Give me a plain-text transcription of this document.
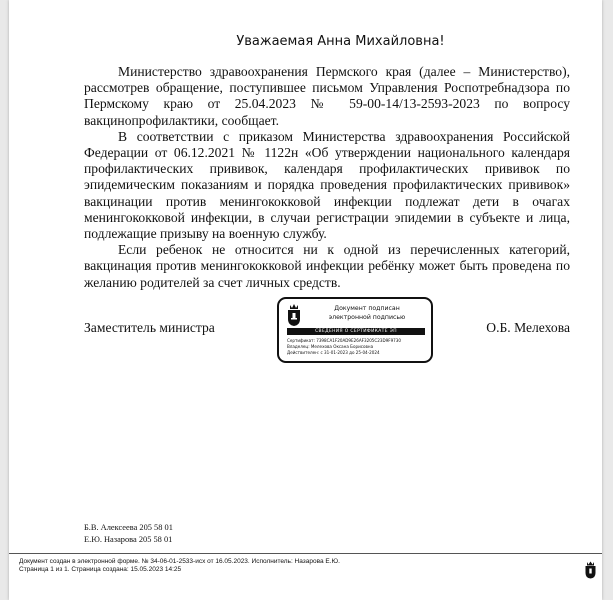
Уважаемая Анна Михайловна!

Министерство здравоохранения Пермского края (далее – Министерство), рассмотрев обращение, поступившее письмом Управления Роспотребнадзора по Пермскому краю от 25.04.2023 № 59-00-14/13-2593-2023 по вопросу вакцинопрофилактики, сообщает.

В соответствии с приказом Министерства здравоохранения Российской Федерации от 06.12.2021 № 1122н «Об утверждении национального календаря профилактических прививок, календаря профилактических прививок по эпидемическим показаниям и порядка проведения профилактических прививок» вакцинации против менингококковой инфекции подлежат дети в очагах менингококковой инфекции, в случаи регистрации эпидемии в субъекте и лица, подлежащие призыву на военную службу.

Если ребенок не относится ни к одной из перечисленных категорий, вакцинация против менингококковой инфекции ребёнку может быть проведена по желанию родителей за счет личных средств.

Заместитель министра	О.Б. Мелехова
Документ подписан
электронной подписью
СВЕДЕНИЯ О СЕРТИФИКАТЕ ЭП
Сертификат: 7398CA1F20AD9E26AF3205C23D9F9730
Владелец: Мелехова Оксана Борисовна
Действителен: с 31-01-2023 до 25-04-2024
Б.В. Алексеева 205 58 01
Е.Ю. Назарова 205 58 01
Документ создан в электронной форме. № 34-06-01-2533-исх от 16.05.2023. Исполнитель: Назарова Е.Ю.
Страница 1 из 1. Страница создана: 15.05.2023 14:25
